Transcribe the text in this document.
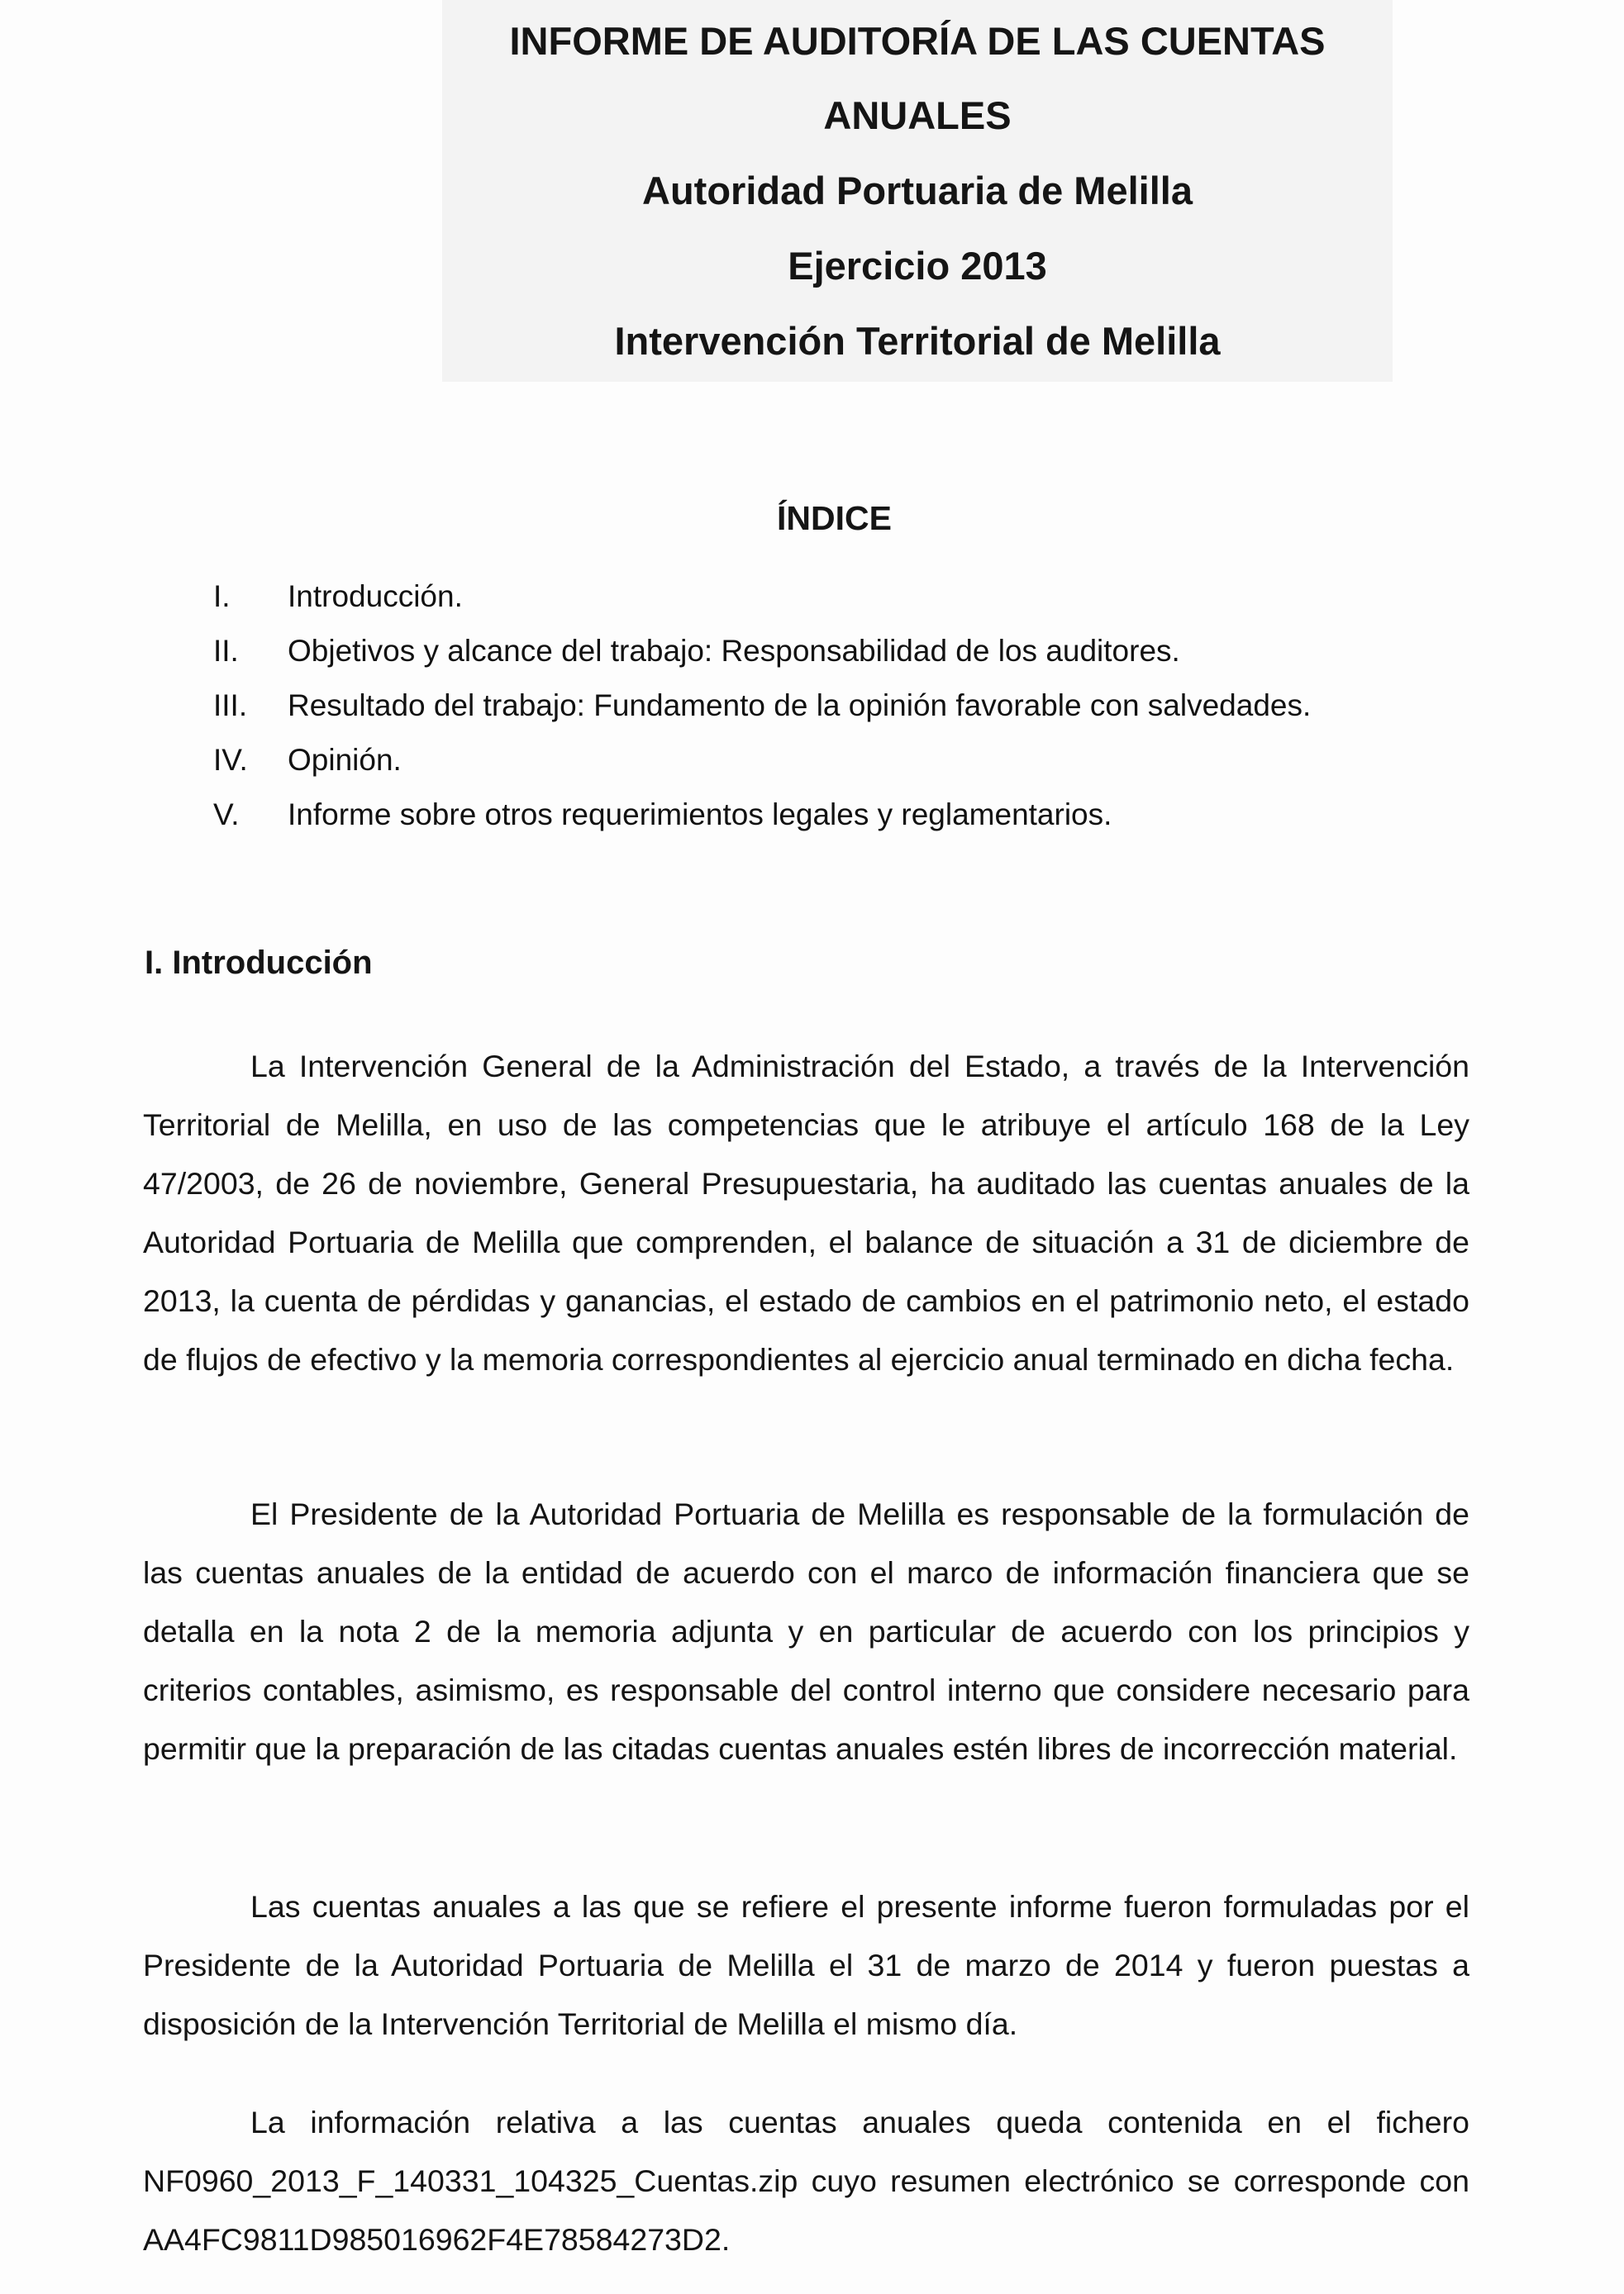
INFORME DE AUDITORÍA DE LAS CUENTAS
ANUALES
Autoridad Portuaria de Melilla
Ejercicio 2013
Intervención Territorial de Melilla
ÍNDICE
I. Introducción.
II. Objetivos y alcance del trabajo: Responsabilidad de los auditores.
III. Resultado del trabajo: Fundamento de la opinión favorable con salvedades.
IV. Opinión.
V. Informe sobre otros requerimientos legales y reglamentarios.
I. Introducción

La Intervención General de la Administración del Estado, a través de la Intervención Territorial de Melilla, en uso de las competencias que le atribuye el artículo 168 de la Ley 47/2003, de 26 de noviembre, General Presupuestaria, ha auditado las cuentas anuales de la Autoridad Portuaria de Melilla que comprenden, el balance de situación a 31 de diciembre de 2013, la cuenta de pérdidas y ganancias, el estado de cambios en el patrimonio neto, el estado de flujos de efectivo y la memoria correspondientes al ejercicio anual terminado en dicha fecha.

El Presidente de la Autoridad Portuaria de Melilla es responsable de la formulación de las cuentas anuales de la entidad de acuerdo con el marco de información financiera que se detalla en la nota 2 de la memoria adjunta y en particular de acuerdo con los principios y criterios contables, asimismo, es responsable del control interno que considere necesario para permitir que la preparación de las citadas cuentas anuales estén libres de incorrección material.

Las cuentas anuales a las que se refiere el presente informe fueron formuladas por el Presidente de la Autoridad Portuaria de Melilla el 31 de marzo de 2014 y fueron puestas a disposición de la Intervención Territorial de Melilla el mismo día.

La información relativa a las cuentas anuales queda contenida en el fichero NF0960_2013_F_140331_104325_Cuentas.zip cuyo resumen electrónico se corresponde con AA4FC9811D985016962F4E78584273D2.
